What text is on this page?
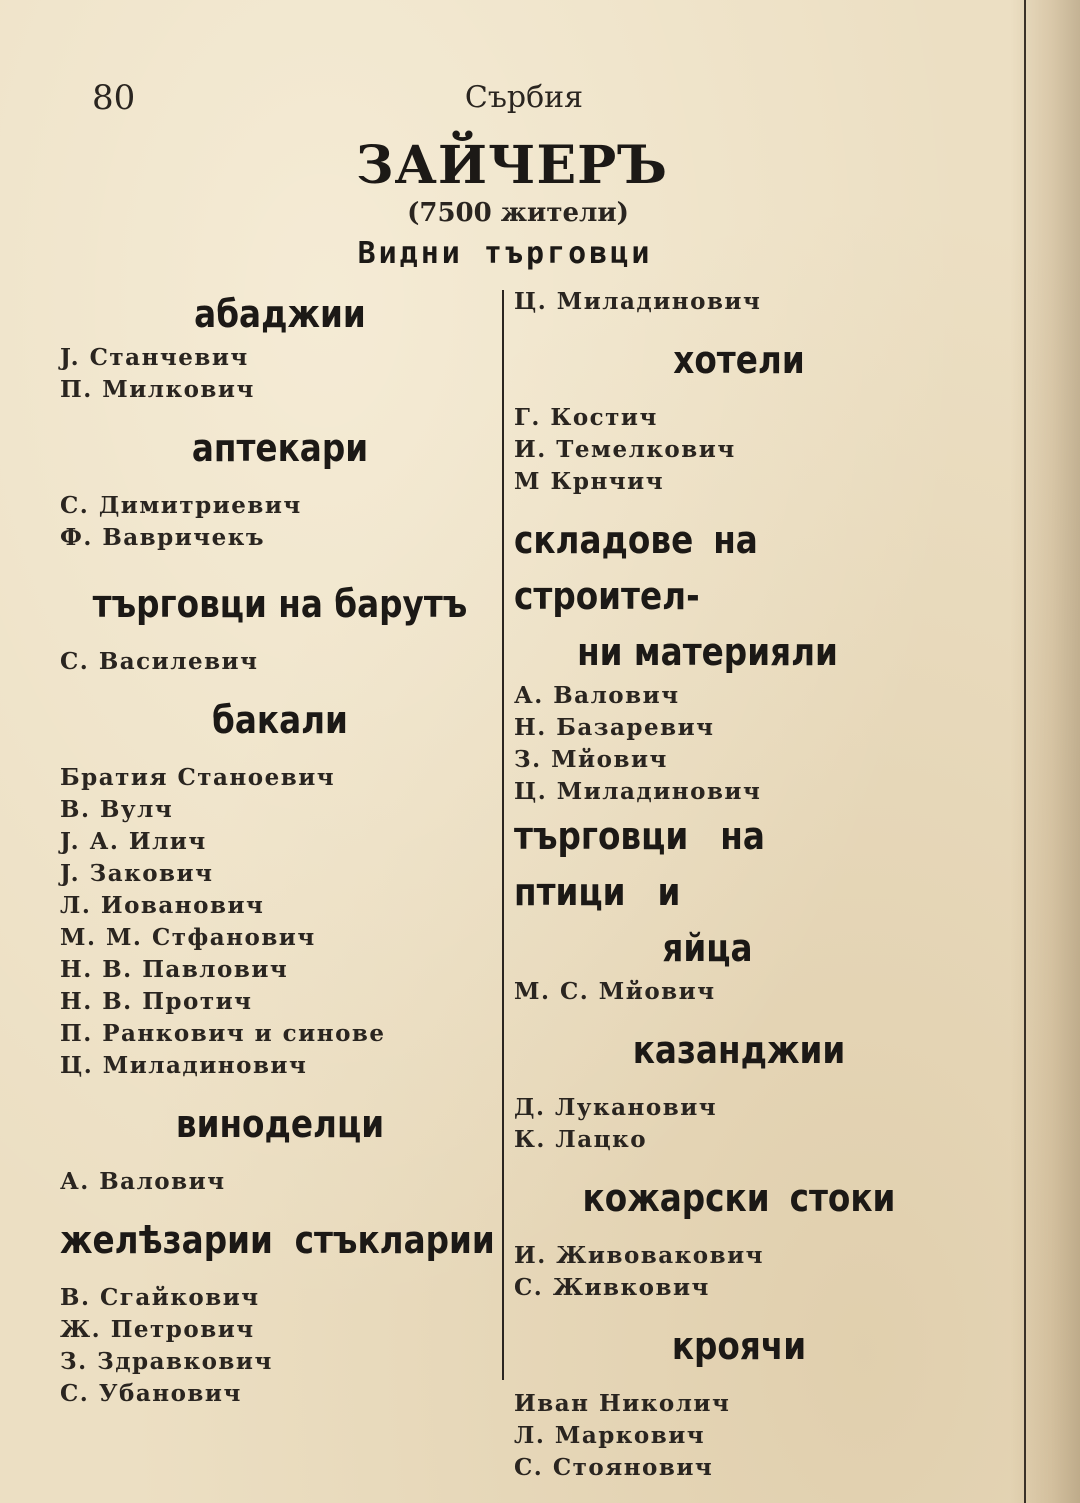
80	Сърбия
ЗАЙЧЕРЪ
(7500 жители)
Видни търговци
абаджии
J. Станчевич
П. Милкович
аптекари
С. Димитриевич
Ф. Вавричекъ
търговци на барутъ
С. Василевич
бакали
Братия Станоевич
В. Вулч
J. А. Илич
J. Закович
Л. Иованович
М. М. Стфанович
Н. В. Павлович
Н. В. Протич
П. Ранкович и синове
Ц. Миладинович
виноделци
А. Валович
желѣзарии стъкларии
В. Сгайкович
Ж. Петрович
З. Здравкович
С. Убанович
Ц. Миладинович
хотели
Г. Костич
И. Темелкович
М Крнчич
складове на строител-
ни материяли
А. Валович
Н. Базаревич
З. Мйович
Ц. Миладинович
търговци на птици и
яйца
М. С. Мйович
казанджии
Д. Луканович
К. Лацко
кожарски стоки
И. Живовакович
С. Живкович
кроячи
Иван Николич
Л. Маркович
С. Стоянович
